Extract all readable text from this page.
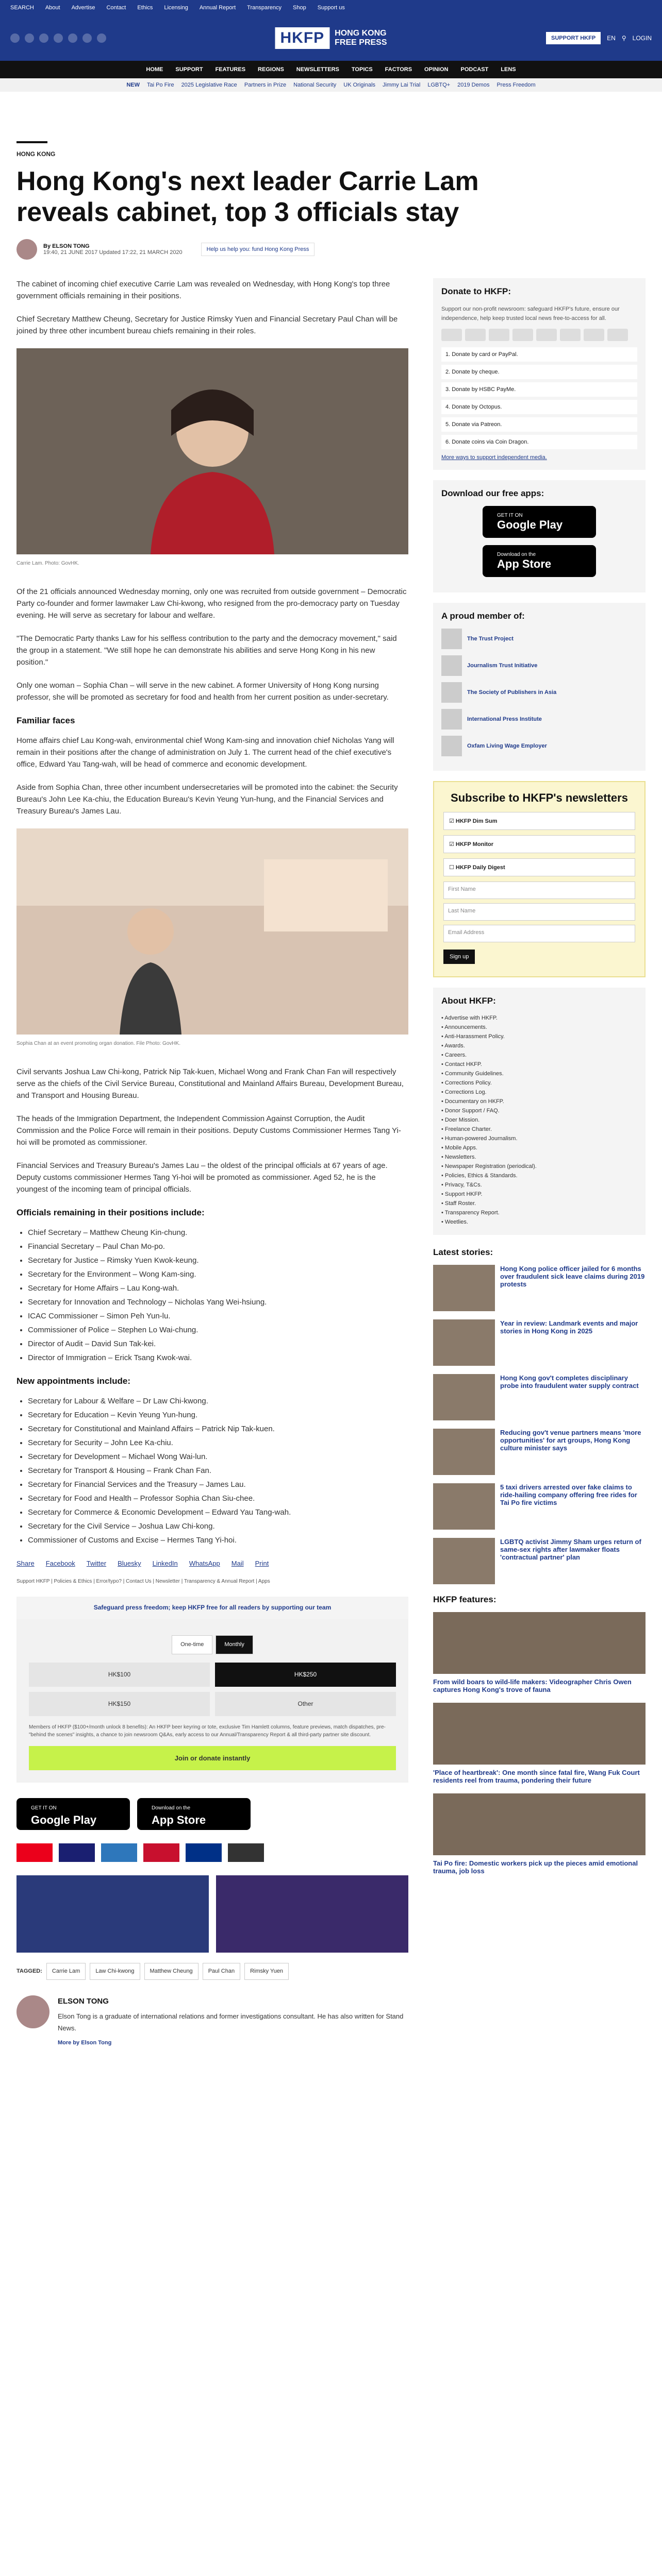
SEARCH About Advertise Contact Ethics Licensing Annual Report Transparency Shop Support us
HKFP	HONG KONG
FREE PRESS	SUPPORT HKFP	EN ⚲ LOGIN
HOME SUPPORT FEATURES REGIONS NEWSLETTERS TOPICS FACTORS OPINION PODCAST LENS
NEW Tai Po Fire 2025 Legislative Race Partners in Prize National Security UK Originals Jimmy Lai Trial LGBTQ+ 2019 Demos Press Freedom
HONG KONG
Hong Kong's next leader Carrie Lam reveals cabinet, top 3 officials stay
By ELSON TONG
19:40, 21 JUNE 2017 Updated 17:22, 21 MARCH 2020	Help us help you: fund Hong Kong Press

The cabinet of incoming chief executive Carrie Lam was revealed on Wednesday, with Hong Kong's top three government officials remaining in their positions.

Chief Secretary Matthew Cheung, Secretary for Justice Rimsky Yuen and Financial Secretary Paul Chan will be joined by three other incumbent bureau chiefs remaining in their roles.

Carrie Lam. Photo: GovHK.

Of the 21 officials announced Wednesday morning, only one was recruited from outside government – Democratic Party co-founder and former lawmaker Law Chi-kwong, who resigned from the pro-democracy party on Tuesday evening. He will serve as secretary for labour and welfare.

"The Democratic Party thanks Law for his selfless contribution to the party and the democracy movement," said the group in a statement. "We still hope he can demonstrate his abilities and serve Hong Kong in his new position."

Only one woman – Sophia Chan – will serve in the new cabinet. A former University of Hong Kong nursing professor, she will be promoted as secretary for food and health from her current position as under-secretary.

Familiar faces

Home affairs chief Lau Kong-wah, environmental chief Wong Kam-sing and innovation chief Nicholas Yang will remain in their positions after the change of administration on July 1. The current head of the chief executive's office, Edward Yau Tang-wah, will be head of commerce and economic development.

Aside from Sophia Chan, three other incumbent undersecretaries will be promoted into the cabinet: the Security Bureau's John Lee Ka-chiu, the Education Bureau's Kevin Yeung Yun-hung, and the Financial Services and Treasury Bureau's James Lau.

Sophia Chan at an event promoting organ donation. File Photo: GovHK.

Civil servants Joshua Law Chi-kong, Patrick Nip Tak-kuen, Michael Wong and Frank Chan Fan will respectively serve as the chiefs of the Civil Service Bureau, Constitutional and Mainland Affairs Bureau, Development Bureau, and Transport and Housing Bureau.

The heads of the Immigration Department, the Independent Commission Against Corruption, the Audit Commission and the Police Force will remain in their positions. Deputy Customs Commissioner Hermes Tang Yi-hoi will be promoted as commissioner.

Financial Services and Treasury Bureau's James Lau – the oldest of the principal officials at 67 years of age. Deputy customs commissioner Hermes Tang Yi-hoi will be promoted as commissioner. Aged 52, he is the youngest of the incoming team of principal officials.

Officials remaining in their positions include:
• Chief Secretary – Matthew Cheung Kin-chung.
• Financial Secretary – Paul Chan Mo-po.
• Secretary for Justice – Rimsky Yuen Kwok-keung.
• Secretary for the Environment – Wong Kam-sing.
• Secretary for Home Affairs – Lau Kong-wah.
• Secretary for Innovation and Technology – Nicholas Yang Wei-hsiung.
• ICAC Commissioner – Simon Peh Yun-lu.
• Commissioner of Police – Stephen Lo Wai-chung.
• Director of Audit – David Sun Tak-kei.
• Director of Immigration – Erick Tsang Kwok-wai.
New appointments include:
• Secretary for Labour & Welfare – Dr Law Chi-kwong.
• Secretary for Education – Kevin Yeung Yun-hung.
• Secretary for Constitutional and Mainland Affairs – Patrick Nip Tak-kuen.
• Secretary for Security – John Lee Ka-chiu.
• Secretary for Development – Michael Wong Wai-lun.
• Secretary for Transport & Housing – Frank Chan Fan.
• Secretary for Financial Services and the Treasury – James Lau.
• Secretary for Food and Health – Professor Sophia Chan Siu-chee.
• Secretary for Commerce & Economic Development – Edward Yau Tang-wah.
• Secretary for the Civil Service – Joshua Law Chi-kong.
• Commissioner of Customs and Excise – Hermes Tang Yi-hoi.
Share Facebook Twitter Bluesky LinkedIn WhatsApp Mail Print
Support HKFP | Policies & Ethics | Error/typo? | Contact Us | Newsletter | Transparency & Annual Report | Apps
Safeguard press freedom; keep HKFP free for all readers by supporting our team
One-time	Monthly
HK$100	HK$250
HK$150	Other
Members of HKFP ($100+/month unlock 8 benefits): An HKFP beer keyring or tote, exclusive Tim Hamlett columns, feature previews, match dispatches, pre-"behind the scenes" insights, a chance to join newsroom Q&As, early access to our Annual/Transparency Report & all third-party partner site discount.
Join or donate instantly
GET IT ON
Google Play
Download on the
App Store
TAGGED:	Carrie Lam	Law Chi-kwong	Matthew Cheung	Paul Chan	Rimsky Yuen
ELSON TONG
Elson Tong is a graduate of international relations and former investigations consultant. He has also written for Stand News.
More by Elson Tong
Donate to HKFP:
Support our non-profit newsroom: safeguard HKFP's future, ensure our independence, help keep trusted local news free-to-access for all.
1. Donate by card or PayPal.
2. Donate by cheque.
3. Donate by HSBC PayMe.
4. Donate by Octopus.
5. Donate via Patreon.
6. Donate coins via Coin Dragon.
More ways to support independent media.
Download our free apps:
GET IT ON
Google Play
Download on the
App Store
A proud member of:
The Trust Project
Journalism Trust Initiative
The Society of Publishers in Asia
International Press Institute
Oxfam Living Wage Employer
Subscribe to HKFP's newsletters
☑ HKFP Dim Sum
☑ HKFP Monitor
☐ HKFP Daily Digest
First Name
Last Name
Email Address
Sign up
About HKFP:
• Advertise with HKFP.
• Announcements.
• Anti-Harassment Policy.
• Awards.
• Careers.
• Contact HKFP.
• Community Guidelines.
• Corrections Policy.
• Corrections Log.
• Documentary on HKFP.
• Donor Support / FAQ.
• Doer Mission.
• Freelance Charter.
• Human-powered Journalism.
• Mobile Apps.
• Newsletters.
• Newspaper Registration (periodical).
• Policies, Ethics & Standards.
• Privacy, T&Cs.
• Support HKFP.
• Staff Roster.
• Transparency Report.
• Weetlies.
Latest stories:
Hong Kong police officer jailed for 6 months over fraudulent sick leave claims during 2019 protests
Year in review: Landmark events and major stories in Hong Kong in 2025
Hong Kong gov't completes disciplinary probe into fraudulent water supply contract
Reducing gov't venue partners means 'more opportunities' for art groups, Hong Kong culture minister says
5 taxi drivers arrested over fake claims to ride-hailing company offering free rides for Tai Po fire victims
LGBTQ activist Jimmy Sham urges return of same-sex rights after lawmaker floats 'contractual partner' plan
HKFP features:
From wild boars to wild-life makers: Videographer Chris Owen captures Hong Kong's trove of fauna
'Place of heartbreak': One month since fatal fire, Wang Fuk Court residents reel from trauma, pondering their future
Tai Po fire: Domestic workers pick up the pieces amid emotional trauma, job loss
